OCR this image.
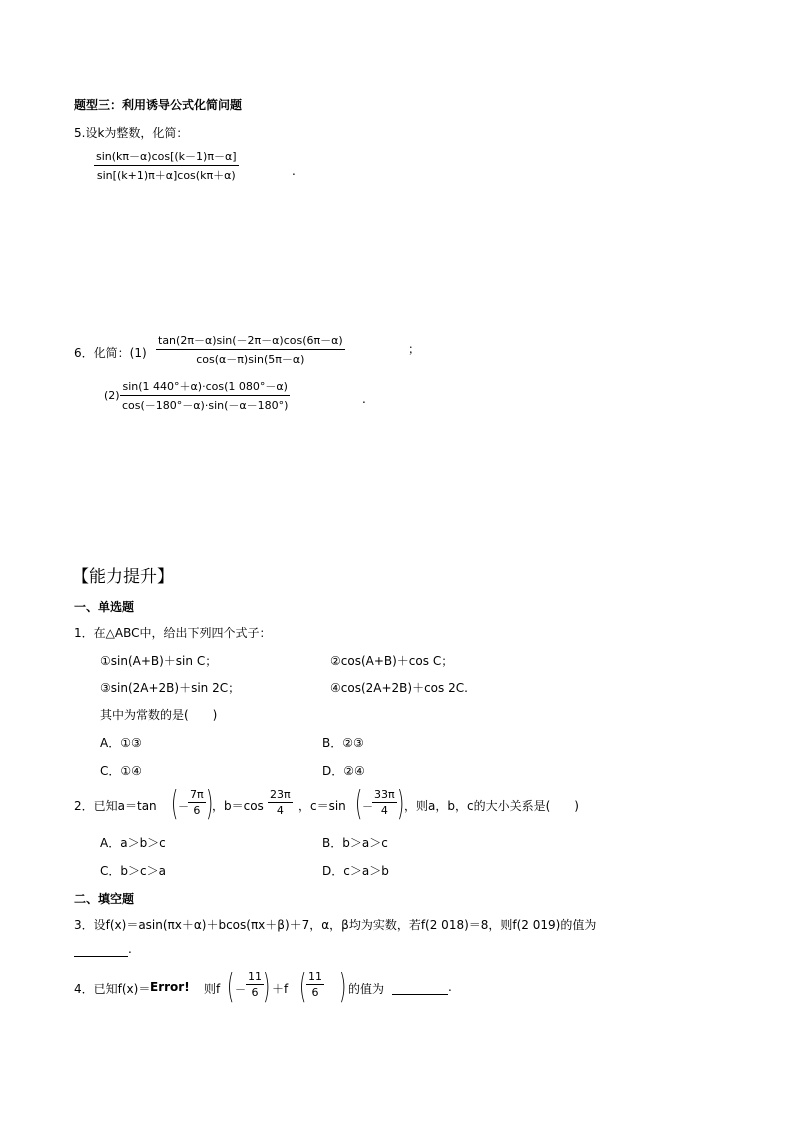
题型三：利用诱导公式化简问题
5.设k为整数，化简：
$\frac{\sin(k\pi-\alpha)\cos[(k-1)\pi-\alpha]}{\sin[(k+1)\pi+\alpha]\cos(k\pi+\alpha)}$	.
6．化简：$(1) \frac{\tan(2\pi-\alpha)\sin(-2\pi-\alpha)\cos(6\pi-\alpha)}{\cos(\alpha-\pi)\sin(5\pi-\alpha)}$	；
$(2) \frac{\sin(1 440^\circ+\alpha)\cdot\cos(1 080^\circ-\alpha)}{\cos(-180^\circ-\alpha)\cdot\sin(-\alpha-180^\circ)}$	.
【能力提升】
一、单选题
1．在△ABC中，给出下列四个式子：
①sin(A+B)＋sin C；	②cos(A+B)＋cos C；
③sin(2A+2B)＋sin 2C；	④cos(2A+2B)＋cos 2C.
其中为常数的是(　　)
A．①③	B．②③
C．①④	D．②④
2．已知a＝tan ( － $\frac{7\pi}{6}$ )
，$b=\cos \frac{23\pi}{4}$ ，c＝sin ( － $\frac{33\pi}{4}$ ) ，则a，b，c的大小关系是(　　)
A．a＞b＞c	B．b＞a＞c
C．b＞c＞a	D．c＞a＞b
二、填空题
3．设f(x)＝asin(πx＋α)＋bcos(πx＋β)＋7，α，β均为实数，若f(2 018)＝8，则f(2 019)的值为
.
4．已知f(x)＝ Error! 则f ( － $\frac{11}{6}$
) ＋f ( $\frac{11}{6}$ ) 的值为	.
